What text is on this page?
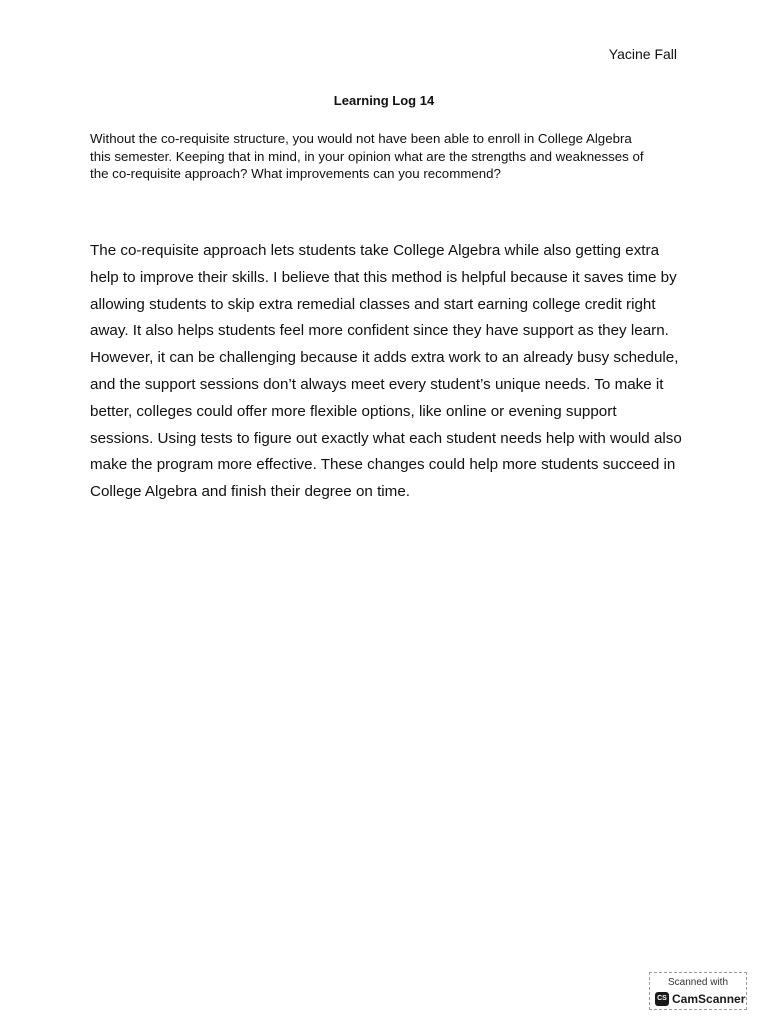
Yacine Fall
Learning Log 14
Without the co-requisite structure, you would not have been able to enroll in College Algebra
this semester. Keeping that in mind, in your opinion what are the strengths and weaknesses of
the co-requisite approach? What improvements can you recommend?
The co-requisite approach lets students take College Algebra while also getting extra
help to improve their skills. I believe that this method is helpful because it saves time by
allowing students to skip extra remedial classes and start earning college credit right
away. It also helps students feel more confident since they have support as they learn.
However, it can be challenging because it adds extra work to an already busy schedule,
and the support sessions don’t always meet every student’s unique needs. To make it
better, colleges could offer more flexible options, like online or evening support
sessions. Using tests to figure out exactly what each student needs help with would also
make the program more effective. These changes could help more students succeed in
College Algebra and finish their degree on time.
Scanned with
CS CamScanner
